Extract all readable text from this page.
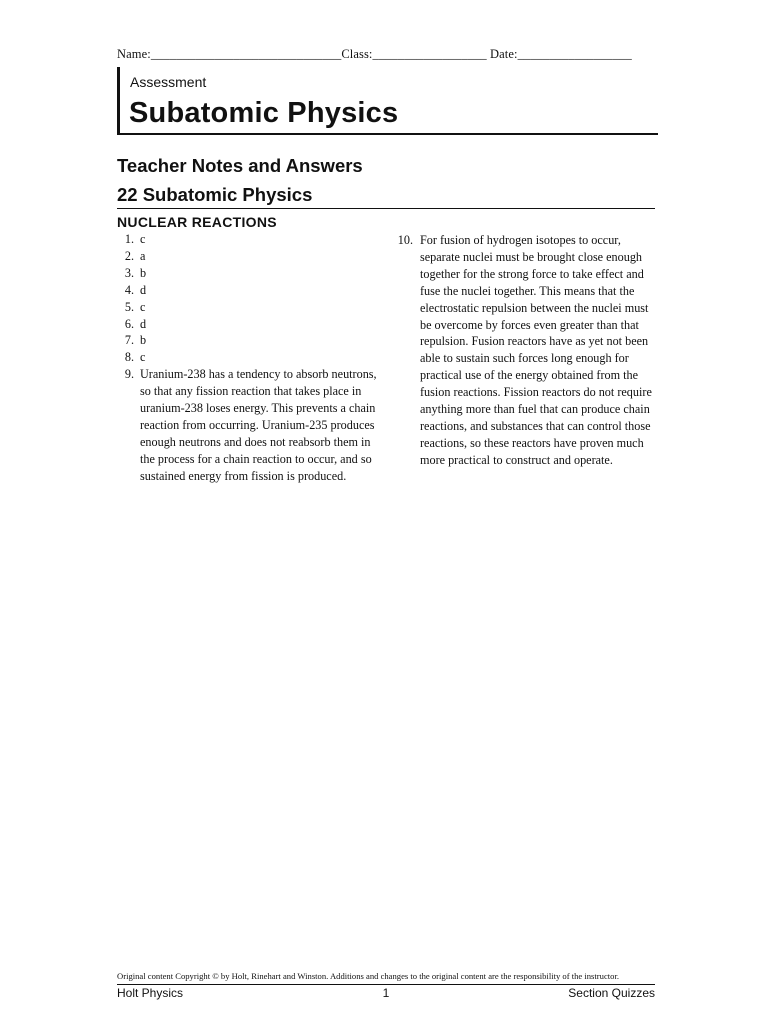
Name:______________________________Class:__________________ Date:__________________
Assessment
Subatomic Physics
Teacher Notes and Answers
22 Subatomic Physics
NUCLEAR REACTIONS
1. c
2. a
3. b
4. d
5. c
6. d
7. b
8. c
9. Uranium-238 has a tendency to absorb neutrons, so that any fission reaction that takes place in uranium-238 loses energy. This prevents a chain reaction from occurring. Uranium-235 produces enough neutrons and does not reabsorb them in the process for a chain reaction to occur, and so sustained energy from fission is produced.
10. For fusion of hydrogen isotopes to occur, separate nuclei must be brought close enough together for the strong force to take effect and fuse the nuclei together. This means that the electrostatic repulsion between the nuclei must be overcome by forces even greater than that repulsion. Fusion reactors have as yet not been able to sustain such forces long enough for practical use of the energy obtained from the fusion reactions. Fission reactors do not require anything more than fuel that can produce chain reactions, and substances that can control those reactions, so these reactors have proven much more practical to construct and operate.
Original content Copyright © by Holt, Rinehart and Winston. Additions and changes to the original content are the responsibility of the instructor.
Holt Physics	1	Section Quizzes
